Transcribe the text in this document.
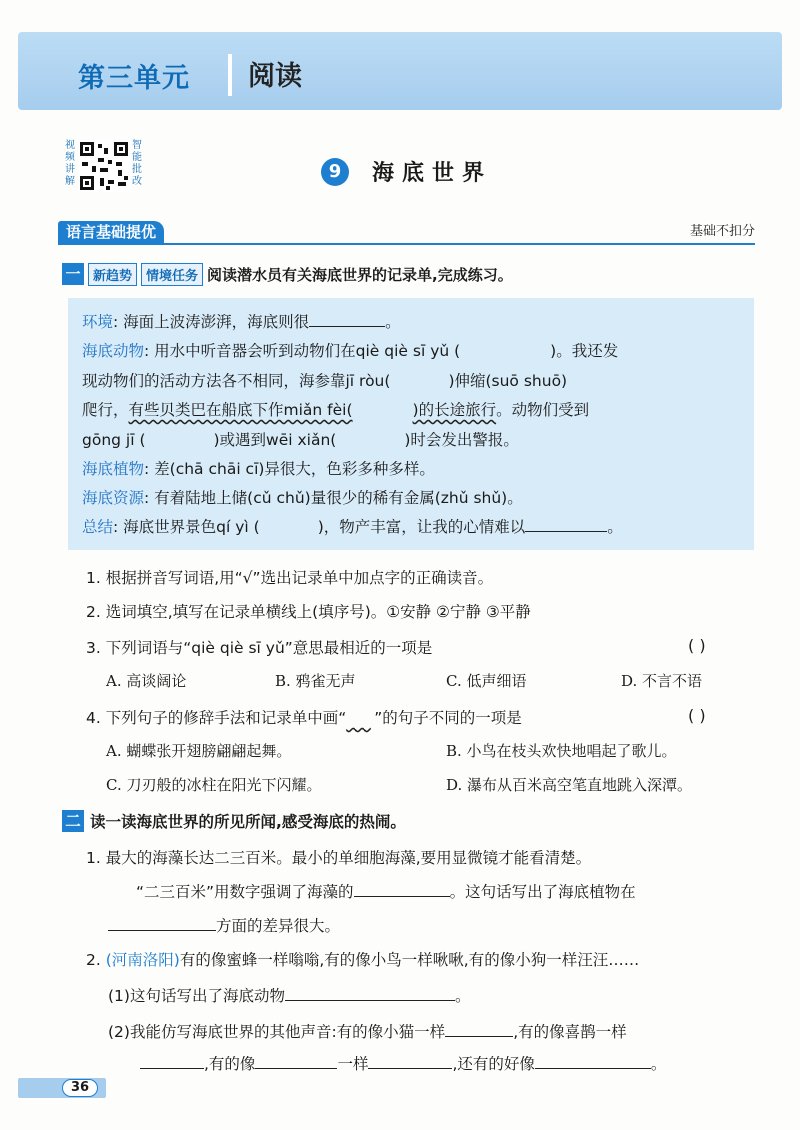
第三单元 阅读
视频讲解
智能批改	9	海底世界
语言基础提优	基础不扣分
一 新趋势	情境任务 阅读潜水员有关海底世界的记录单,完成练习。
环境: 海面上波涛澎湃，海底则很	。
海底动物: 用水中听音器会听到动物们在qiè qiè sī yǔ (	)。我还发
现动物们的活动方法各不相同，海参靠jī ròu(	)伸缩(suō shuō)
爬行，有些贝类巴在船底下作miǎn fèi(	)的长途旅行。动物们受到
gōng jī (	)或遇到wēi xiǎn(	)时会发出警报。
海底植物: 差(chā chāi cī)异很大，色彩多种多样。
海底资源: 有着陆地上储(cǔ chǔ)量很少的稀有金属(zhǔ shǔ)。
总结: 海底世界景色qí yì (	)，物产丰富，让我的心情难以	。
1. 根据拼音写词语,用“√”选出记录单中加点字的正确读音。
2. 选词填空,填写在记录单横线上(填序号)。①安静 ②宁静 ③平静
3. 下列词语与“qiè qiè sī yǔ”意思最相近的一项是	( )
A. 高谈阔论	B. 鸦雀无声	C. 低声细语	D. 不言不语
4. 下列句子的修辞手法和记录单中画“ ”的句子不同的一项是	( )
A. 蝴蝶张开翅膀翩翩起舞。	B. 小鸟在枝头欢快地唱起了歌儿。
C. 刀刃般的冰柱在阳光下闪耀。	D. 瀑布从百米高空笔直地跳入深潭。
二 读一读海底世界的所见所闻,感受海底的热闹。
1. 最大的海藻长达二三百米。最小的单细胞海藻,要用显微镜才能看清楚。
“二三百米”用数字强调了海藻的	。这句话写出了海底植物在
方面的差异很大。
2. (河南洛阳)有的像蜜蜂一样嗡嗡,有的像小鸟一样啾啾,有的像小狗一样汪汪……
(1)这句话写出了海底动物	。
(2)我能仿写海底世界的其他声音:有的像小猫一样	,有的像喜鹊一样
,有的像	一样	,还有的好像	。
36
